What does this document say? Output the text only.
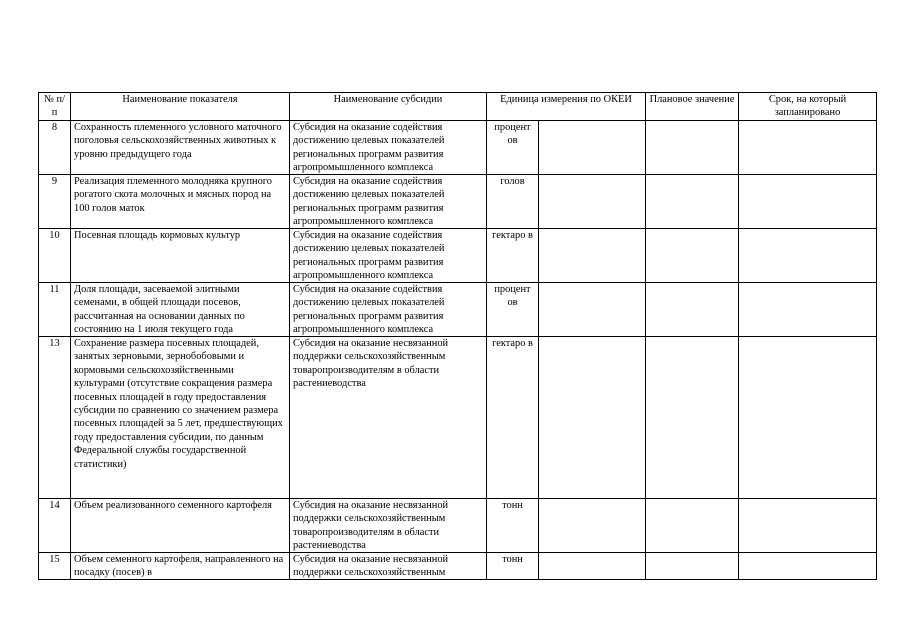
№ п/п	Наименование показателя	Наименование субсидии	Единица измерения по ОКЕИ		Плановое значение	Срок, на который запланировано
8	Сохранность племенного условного маточного поголовья сельскохозяйственных животных к уровню предыдущего года	Субсидия на оказание содействия достижению целевых показателей региональных программ развития агропромышленного комплекса	процент ов			
9	Реализация племенного молодняка крупного рогатого скота молочных и мясных пород на 100 голов маток	Субсидия на оказание содействия достижению целевых показателей региональных программ развития агропромышленного комплекса	голов			
10	Посевная площадь кормовых культур	Субсидия на оказание содействия достижению целевых показателей региональных программ развития агропромышленного комплекса	гектаро в			
11	Доля площади, засеваемой элитными семенами, в общей площади посевов, рассчитанная на основании данных по состоянию на 1 июля текущего года	Субсидия на оказание содействия достижению целевых показателей региональных программ развития агропромышленного комплекса	процент ов			
13	Сохранение размера посевных площадей, занятых зерновыми, зернобобовыми и кормовыми сельскохозяйственными культурами (отсутствие сокращения размера посевных площадей в году предоставления субсидии по сравнению со значением размера посевных площадей за 5 лет, предшествующих году предоставления субсидии, по данным Федеральной службы государственной статистики)	Субсидия на оказание несвязанной поддержки сельскохозяйственным товаропроизводителям в области растениеводства	гектаро в			
14	Объем реализованного семенного картофеля	Субсидия на оказание несвязанной поддержки сельскохозяйственным товаропроизводителям в области растениеводства	тонн			
15	Объем семенного картофеля, направленного на посадку (посев) в	Субсидия на оказание несвязанной поддержки сельскохозяйственным	тонн			
